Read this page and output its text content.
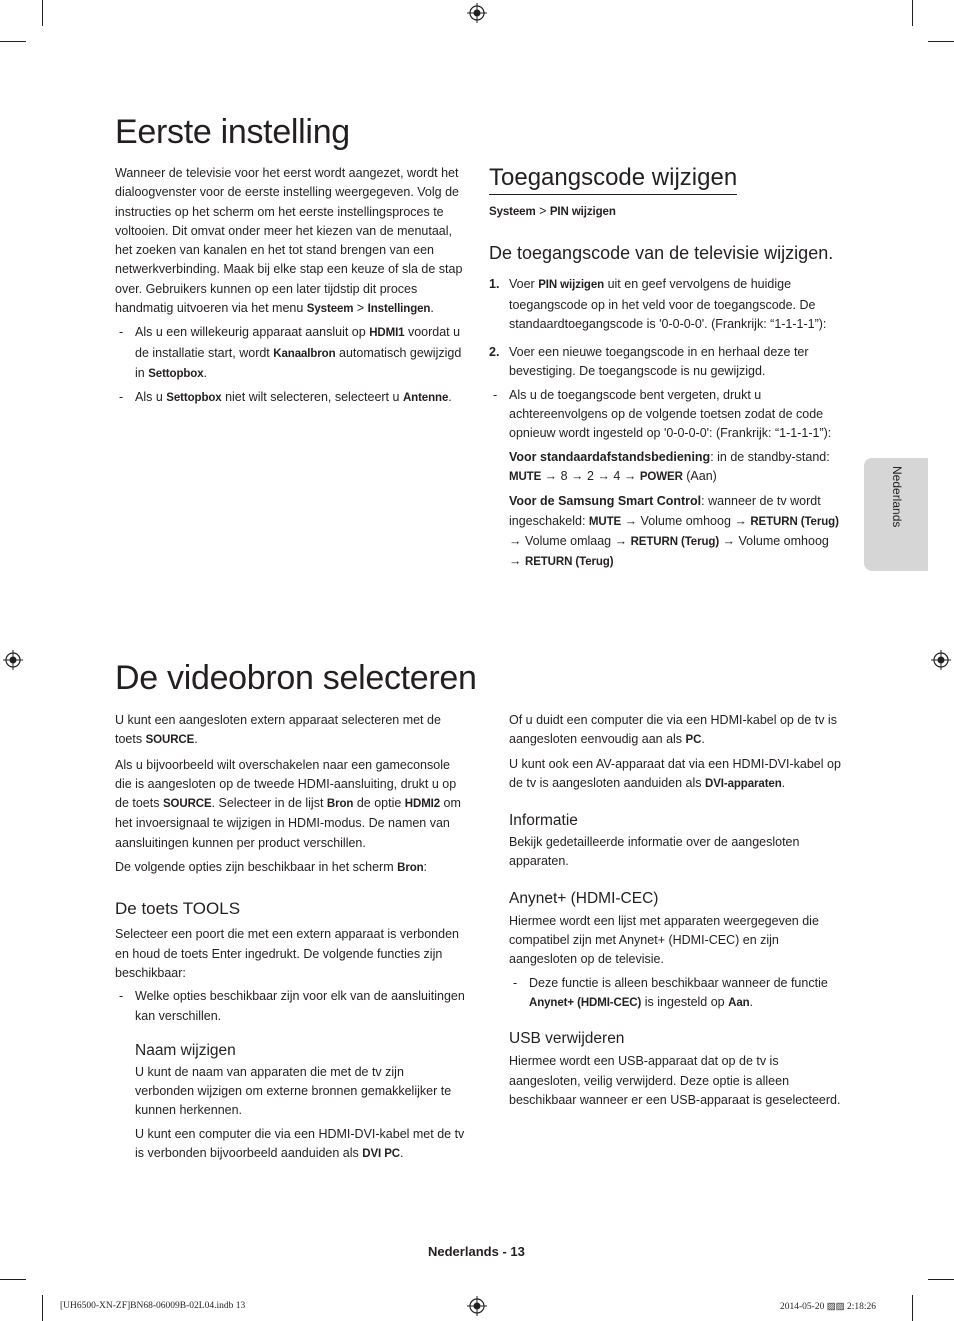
Nederlands
Eerste instelling

Wanneer de televisie voor het eerst wordt aangezet, wordt het dialoogvenster voor de eerste instelling weergegeven. Volg de instructies op het scherm om het eerste instellingsproces te voltooien. Dit omvat onder meer het kiezen van de menutaal, het zoeken van kanalen en het tot stand brengen van een netwerkverbinding. Maak bij elke stap een keuze of sla de stap over. Gebruikers kunnen op een later tijdstip dit proces handmatig uitvoeren via het menu Systeem > Instellingen.

- Als u een willekeurig apparaat aansluit op HDMI1 voordat u de installatie start, wordt Kanaalbron automatisch gewijzigd in Settopbox.

- Als u Settopbox niet wilt selecteren, selecteert u Antenne.

Toegangscode wijzigen

Systeem > PIN wijzigen

De toegangscode van de televisie wijzigen.

1. Voer PIN wijzigen uit en geef vervolgens de huidige toegangscode op in het veld voor de toegangscode. De standaardtoegangscode is '0-0-0-0'. (Frankrijk: “1-1-1-1”):

2. Voer een nieuwe toegangscode in en herhaal deze ter bevestiging. De toegangscode is nu gewijzigd.

- Als u de toegangscode bent vergeten, drukt u achtereenvolgens op de volgende toetsen zodat de code opnieuw wordt ingesteld op '0-0-0-0': (Frankrijk: “1-1-1-1”):

Voor standaardafstandsbediening: in de standby-stand: MUTE → 8 → 2 → 4 → POWER (Aan)

Voor de Samsung Smart Control: wanneer de tv wordt ingeschakeld: MUTE → Volume omhoog → RETURN (Terug) → Volume omlaag → RETURN (Terug) → Volume omhoog → RETURN (Terug)

De videobron selecteren

U kunt een aangesloten extern apparaat selecteren met de toets SOURCE.

Als u bijvoorbeeld wilt overschakelen naar een gameconsole die is aangesloten op de tweede HDMI-aansluiting, drukt u op de toets SOURCE. Selecteer in de lijst Bron de optie HDMI2 om het invoersignaal te wijzigen in HDMI-modus. De namen van aansluitingen kunnen per product verschillen.

De volgende opties zijn beschikbaar in het scherm Bron:

De toets TOOLS

Selecteer een poort die met een extern apparaat is verbonden en houd de toets Enter ingedrukt. De volgende functies zijn beschikbaar:

- Welke opties beschikbaar zijn voor elk van de aansluitingen kan verschillen.

Naam wijzigen

U kunt de naam van apparaten die met de tv zijn verbonden wijzigen om externe bronnen gemakkelijker te kunnen herkennen.

U kunt een computer die via een HDMI-DVI-kabel met de tv is verbonden bijvoorbeeld aanduiden als DVI PC.

Of u duidt een computer die via een HDMI-kabel op de tv is aangesloten eenvoudig aan als PC.

U kunt ook een AV-apparaat dat via een HDMI-DVI-kabel op de tv is aangesloten aanduiden als DVI-apparaten.

Informatie

Bekijk gedetailleerde informatie over de aangesloten apparaten.

Anynet+ (HDMI-CEC)

Hiermee wordt een lijst met apparaten weergegeven die compatibel zijn met Anynet+ (HDMI-CEC) en zijn aangesloten op de televisie.

- Deze functie is alleen beschikbaar wanneer de functie Anynet+ (HDMI-CEC) is ingesteld op Aan.

USB verwijderen

Hiermee wordt een USB-apparaat dat op de tv is aangesloten, veilig verwijderd. Deze optie is alleen beschikbaar wanneer er een USB-apparaat is geselecteerd.

Nederlands - 13
[UH6500-XN-ZF]BN68-06009B-02L04.indb 13	2014-05-20 ▨▨ 2:18:26
